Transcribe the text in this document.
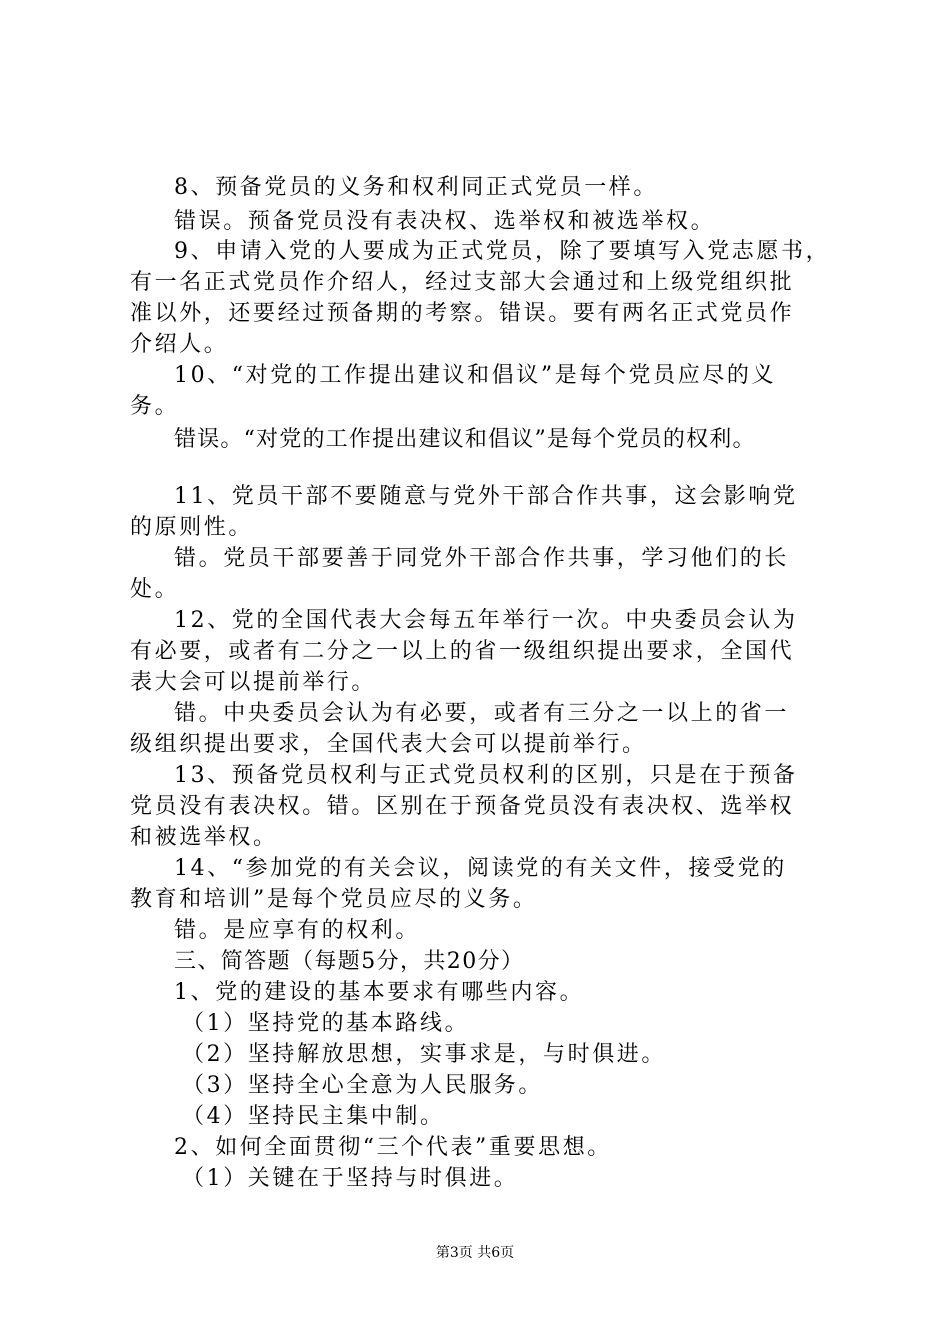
8、预备党员的义务和权利同正式党员一样。
错误。预备党员没有表决权、选举权和被选举权。
9、申请入党的人要成为正式党员，除了要填写入党志愿书，
有一名正式党员作介绍人，经过支部大会通过和上级党组织批
准以外，还要经过预备期的考察。错误。要有两名正式党员作
介绍人。
10、“对党的工作提出建议和倡议”是每个党员应尽的义
务。
错误。“对党的工作提出建议和倡议”是每个党员的权利。
11、党员干部不要随意与党外干部合作共事，这会影响党
的原则性。
错。党员干部要善于同党外干部合作共事，学习他们的长
处。
12、党的全国代表大会每五年举行一次。中央委员会认为
有必要，或者有二分之一以上的省一级组织提出要求，全国代
表大会可以提前举行。
错。中央委员会认为有必要，或者有三分之一以上的省一
级组织提出要求，全国代表大会可以提前举行。
13、预备党员权利与正式党员权利的区别，只是在于预备
党员没有表决权。错。区别在于预备党员没有表决权、选举权
和被选举权。
14、“参加党的有关会议，阅读党的有关文件，接受党的
教育和培训”是每个党员应尽的义务。
错。是应享有的权利。
三、简答题（每题5分，共20分）
1、党的建设的基本要求有哪些内容。
（1）坚持党的基本路线。
（2）坚持解放思想，实事求是，与时俱进。
（3）坚持全心全意为人民服务。
（4）坚持民主集中制。
2、如何全面贯彻“三个代表”重要思想。
（1）关键在于坚持与时俱进。
第3页 共6页
